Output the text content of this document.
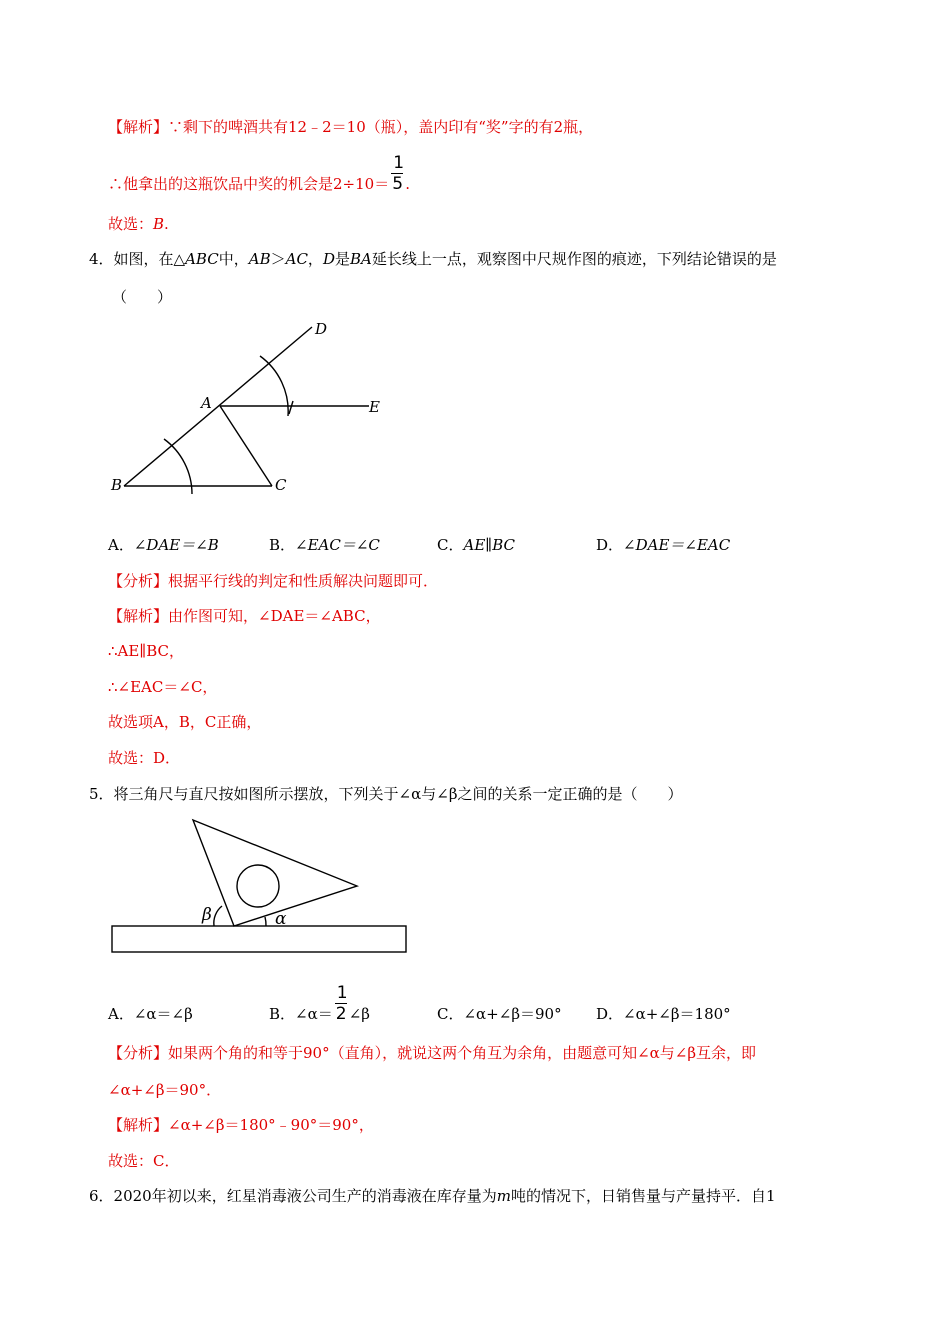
【解析】∵剩下的啤酒共有12﹣2＝10（瓶），盖内印有“奖”字的有2瓶，
∴他拿出的这瓶饮品中奖的机会是$2\div 10= \frac{1}{5}$ .
故选：B.
4．如图，在△ABC中，AB＞AC，D是BA延长线上一点，观察图中尺规作图的痕迹，下列结论错误的是
（　　）
A
B	C
D
E
A．∠DAE＝∠B	B．∠EAC＝∠C	C．AE∥BC	D．∠DAE＝∠EAC
【分析】根据平行线的判定和性质解决问题即可．
【解析】由作图可知，∠DAE＝∠ABC，
∴AE∥BC，
∴∠EAC＝∠C，
故选项A，B，C正确，
故选：D．
5．将三角尺与直尺按如图所示摆放，下列关于∠α与∠β之间的关系一定正确的是（　　）
β	α
A．∠α＝∠β	B．∠α＝ $\frac{1}{2}$ ∠β	C．∠α+∠β＝90° D．∠α+∠β＝180°
【分析】如果两个角的和等于90°（直角），就说这两个角互为余角，由题意可知∠α与∠β互余，即
∠α+∠β＝90°．
【解析】∠α+∠β＝180°﹣90°＝90°，
故选：C．
6．2020年初以来，红星消毒液公司生产的消毒液在库存量为m吨的情况下，日销售量与产量持平．自1
